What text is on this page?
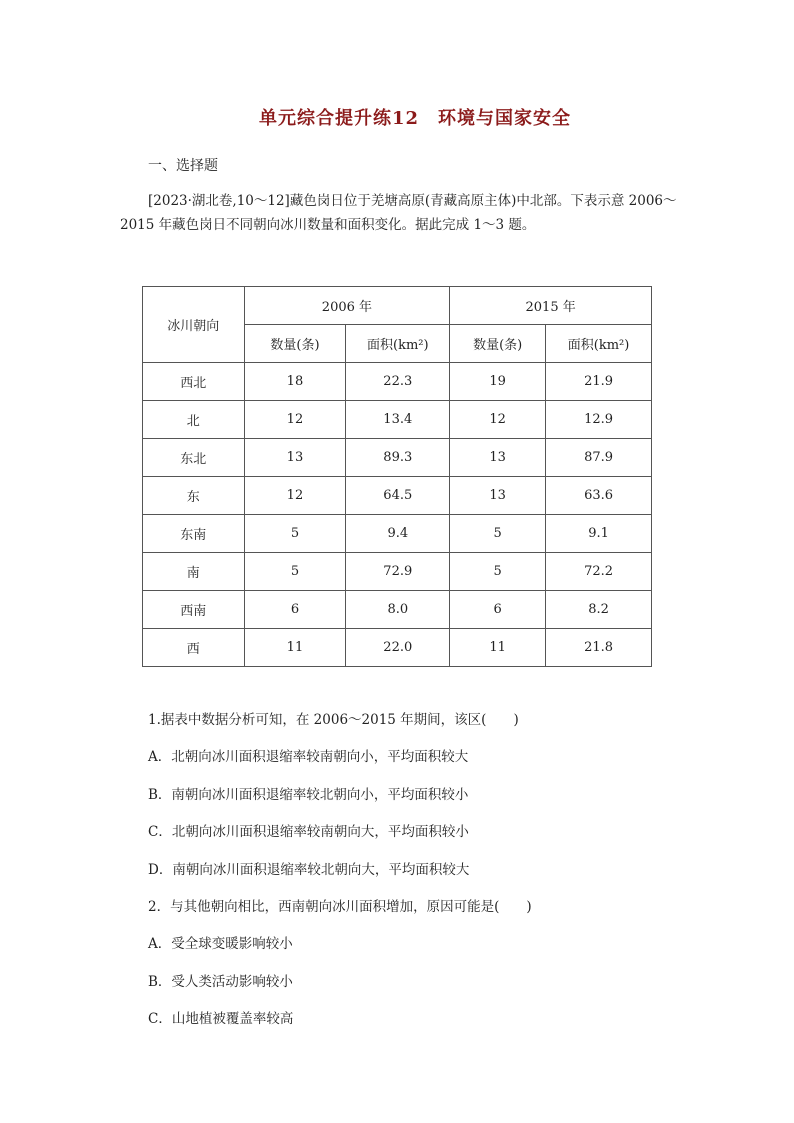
单元综合提升练12　环境与国家安全
一、选择题

[2023·湖北卷,10～12]藏色岗日位于羌塘高原(青藏高原主体)中北部。下表示意 2006～2015 年藏色岗日不同朝向冰川数量和面积变化。据此完成 1～3 题。

冰川朝向	2006 年		2015 年	
	数量(条)	面积(km²)	数量(条)	面积(km²)
西北	18	22.3	19	21.9
北	12	13.4	12	12.9
东北	13	89.3	13	87.9
东	12	64.5	13	63.6
东南	5	9.4	5	9.1
南	5	72.9	5	72.2
西南	6	8.0	6	8.2
西	11	22.0	11	21.8
1.据表中数据分析可知，在 2006～2015 年期间，该区(　　)
A．北朝向冰川面积退缩率较南朝向小，平均面积较大
B．南朝向冰川面积退缩率较北朝向小，平均面积较小
C．北朝向冰川面积退缩率较南朝向大，平均面积较小
D．南朝向冰川面积退缩率较北朝向大，平均面积较大
2．与其他朝向相比，西南朝向冰川面积增加，原因可能是(　　)
A．受全球变暖影响较小
B．受人类活动影响较小
C．山地植被覆盖率较高
